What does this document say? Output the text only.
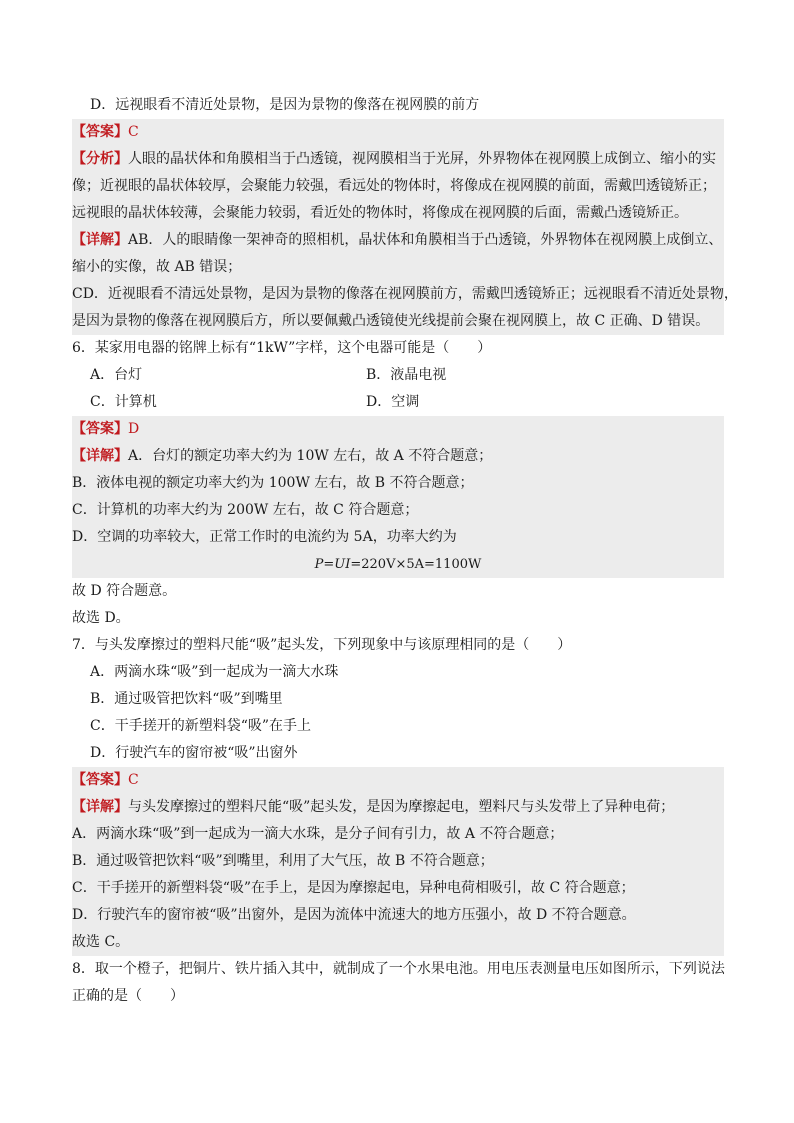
D．远视眼看不清近处景物，是因为景物的像落在视网膜的前方
【答案】C
【分析】人眼的晶状体和角膜相当于凸透镜，视网膜相当于光屏，外界物体在视网膜上成倒立、缩小的实
像；近视眼的晶状体较厚，会聚能力较强，看远处的物体时，将像成在视网膜的前面，需戴凹透镜矫正；
远视眼的晶状体较薄，会聚能力较弱，看近处的物体时，将像成在视网膜的后面，需戴凸透镜矫正。
【详解】AB．人的眼睛像一架神奇的照相机，晶状体和角膜相当于凸透镜，外界物体在视网膜上成倒立、
缩小的实像，故 AB 错误；
CD．近视眼看不清远处景物，是因为景物的像落在视网膜前方，需戴凹透镜矫正；远视眼看不清近处景物，
是因为景物的像落在视网膜后方，所以要佩戴凸透镜使光线提前会聚在视网膜上，故 C 正确、D 错误。
6．某家用电器的铭牌上标有“1kW”字样，这个电器可能是（　　）
A．台灯	B．液晶电视
C．计算机	D．空调
【答案】D
【详解】A．台灯的额定功率大约为 10W 左右，故 A 不符合题意；
B．液体电视的额定功率大约为 100W 左右，故 B 不符合题意；
C．计算机的功率大约为 200W 左右，故 C 符合题意；
D．空调的功率较大，正常工作时的电流约为 5A，功率大约为
P=UI=220V×5A=1100W
故 D 符合题意。
故选 D。
7．与头发摩擦过的塑料尺能“吸”起头发，下列现象中与该原理相同的是（　　）
A．两滴水珠“吸”到一起成为一滴大水珠
B．通过吸管把饮料“吸”到嘴里
C．干手搓开的新塑料袋“吸”在手上
D．行驶汽车的窗帘被“吸”出窗外
【答案】C
【详解】与头发摩擦过的塑料尺能“吸”起头发，是因为摩擦起电，塑料尺与头发带上了异种电荷；
A．两滴水珠“吸”到一起成为一滴大水珠，是分子间有引力，故 A 不符合题意；
B．通过吸管把饮料“吸”到嘴里，利用了大气压，故 B 不符合题意；
C．干手搓开的新塑料袋“吸”在手上，是因为摩擦起电，异种电荷相吸引，故 C 符合题意；
D．行驶汽车的窗帘被“吸”出窗外，是因为流体中流速大的地方压强小，故 D 不符合题意。
故选 C。
8．取一个橙子，把铜片、铁片插入其中，就制成了一个水果电池。用电压表测量电压如图所示，下列说法
正确的是（　　）
